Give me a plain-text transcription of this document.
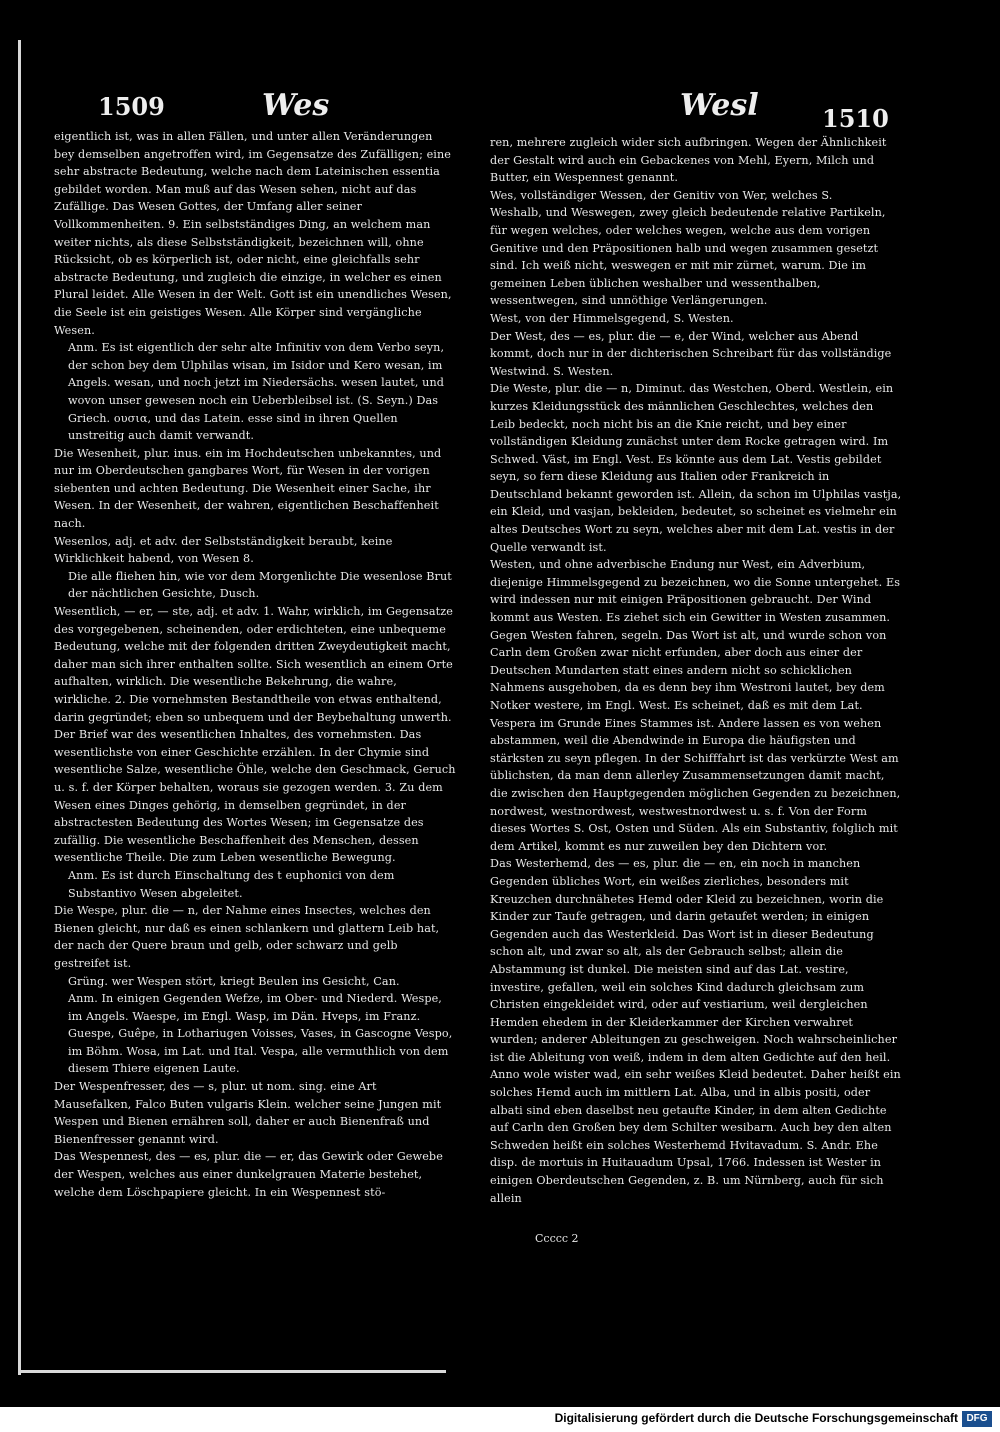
1509	Wes	Wesl	1510

eigentlich ist, was in allen Fällen, und unter allen Veränderungen bey demselben angetroffen wird, im Gegensatze des Zufälligen; eine sehr abstracte Bedeutung, welche nach dem Lateinischen essentia gebildet worden. Man muß auf das Wesen sehen, nicht auf das Zufällige. Das Wesen Gottes, der Umfang aller seiner Vollkommenheiten. 9. Ein selbstständiges Ding, an welchem man weiter nichts, als diese Selbstständigkeit, bezeichnen will, ohne Rücksicht, ob es körperlich ist, oder nicht, eine gleichfalls sehr abstracte Bedeutung, und zugleich die einzige, in welcher es einen Plural leidet. Alle Wesen in der Welt. Gott ist ein unendliches Wesen, die Seele ist ein geistiges Wesen. Alle Körper sind vergängliche Wesen.

Anm. Es ist eigentlich der sehr alte Infinitiv von dem Verbo seyn, der schon bey dem Ulphilas wisan, im Isidor und Kero wesan, im Angels. wesan, und noch jetzt im Niedersächs. wesen lautet, und wovon unser gewesen noch ein Ueberbleibsel ist. (S. Seyn.) Das Griech. ουσια, und das Latein. esse sind in ihren Quellen unstreitig auch damit verwandt.

Die Wesenheit, plur. inus. ein im Hochdeutschen unbekanntes, und nur im Oberdeutschen gangbares Wort, für Wesen in der vorigen siebenten und achten Bedeutung. Die Wesenheit einer Sache, ihr Wesen. In der Wesenheit, der wahren, eigentlichen Beschaffenheit nach.

Wesenlos, adj. et adv. der Selbstständigkeit beraubt, keine Wirklichkeit habend, von Wesen 8.

Die alle fliehen hin, wie vor dem Morgenlichte Die wesenlose Brut der nächtlichen Gesichte, Dusch.

Wesentlich, — er, — ste, adj. et adv. 1. Wahr, wirklich, im Gegensatze des vorgegebenen, scheinenden, oder erdichteten, eine unbequeme Bedeutung, welche mit der folgenden dritten Zweydeutigkeit macht, daher man sich ihrer enthalten sollte. Sich wesentlich an einem Orte aufhalten, wirklich. Die wesentliche Bekehrung, die wahre, wirkliche. 2. Die vornehmsten Bestandtheile von etwas enthaltend, darin gegründet; eben so unbequem und der Beybehaltung unwerth. Der Brief war des wesentlichen Inhaltes, des vornehmsten. Das wesentlichste von einer Geschichte erzählen. In der Chymie sind wesentliche Salze, wesentliche Öhle, welche den Geschmack, Geruch u. s. f. der Körper behalten, woraus sie gezogen werden. 3. Zu dem Wesen eines Dinges gehörig, in demselben gegründet, in der abstractesten Bedeutung des Wortes Wesen; im Gegensatze des zufällig. Die wesentliche Beschaffenheit des Menschen, dessen wesentliche Theile. Die zum Leben wesentliche Bewegung.

Anm. Es ist durch Einschaltung des t euphonici von dem Substantivo Wesen abgeleitet.

Die Wespe, plur. die — n, der Nahme eines Insectes, welches den Bienen gleicht, nur daß es einen schlankern und glattern Leib hat, der nach der Quere braun und gelb, oder schwarz und gelb gestreifet ist.

Grüng. wer Wespen stört, kriegt Beulen ins Gesicht, Can.

Anm. In einigen Gegenden Wefze, im Ober- und Niederd. Wespe, im Angels. Waespe, im Engl. Wasp, im Dän. Hveps, im Franz. Guespe, Guêpe, in Lothariugen Voisses, Vases, in Gascogne Vespo, im Böhm. Wosa, im Lat. und Ital. Vespa, alle vermuthlich von dem diesem Thiere eigenen Laute.

Der Wespenfresser, des — s, plur. ut nom. sing. eine Art Mausefalken, Falco Buten vulgaris Klein. welcher seine Jungen mit Wespen und Bienen ernähren soll, daher er auch Bienenfraß und Bienenfresser genannt wird.

Das Wespennest, des — es, plur. die — er, das Gewirk oder Gewebe der Wespen, welches aus einer dunkelgrauen Materie bestehet, welche dem Löschpapiere gleicht. In ein Wespennest stö-

ren, mehrere zugleich wider sich aufbringen. Wegen der Ähnlichkeit der Gestalt wird auch ein Gebackenes von Mehl, Eyern, Milch und Butter, ein Wespennest genannt.

Wes, vollständiger Wessen, der Genitiv von Wer, welches S.

Weshalb, und Weswegen, zwey gleich bedeutende relative Partikeln, für wegen welches, oder welches wegen, welche aus dem vorigen Genitive und den Präpositionen halb und wegen zusammen gesetzt sind. Ich weiß nicht, weswegen er mit mir zürnet, warum. Die im gemeinen Leben üblichen weshalber und wessenthalben, wessentwegen, sind unnöthige Verlängerungen.

West, von der Himmelsgegend, S. Westen.

Der West, des — es, plur. die — e, der Wind, welcher aus Abend kommt, doch nur in der dichterischen Schreibart für das vollständige Westwind. S. Westen.

Die Weste, plur. die — n, Diminut. das Westchen, Oberd. Westlein, ein kurzes Kleidungsstück des männlichen Geschlechtes, welches den Leib bedeckt, noch nicht bis an die Knie reicht, und bey einer vollständigen Kleidung zunächst unter dem Rocke getragen wird. Im Schwed. Väst, im Engl. Vest. Es könnte aus dem Lat. Vestis gebildet seyn, so fern diese Kleidung aus Italien oder Frankreich in Deutschland bekannt geworden ist. Allein, da schon im Ulphilas vastja, ein Kleid, und vasjan, bekleiden, bedeutet, so scheinet es vielmehr ein altes Deutsches Wort zu seyn, welches aber mit dem Lat. vestis in der Quelle verwandt ist.

Westen, und ohne adverbische Endung nur West, ein Adverbium, diejenige Himmelsgegend zu bezeichnen, wo die Sonne untergehet. Es wird indessen nur mit einigen Präpositionen gebraucht. Der Wind kommt aus Westen. Es ziehet sich ein Gewitter in Westen zusammen. Gegen Westen fahren, segeln. Das Wort ist alt, und wurde schon von Carln dem Großen zwar nicht erfunden, aber doch aus einer der Deutschen Mundarten statt eines andern nicht so schicklichen Nahmens ausgehoben, da es denn bey ihm Westroni lautet, bey dem Notker westere, im Engl. West. Es scheinet, daß es mit dem Lat. Vespera im Grunde Eines Stammes ist. Andere lassen es von wehen abstammen, weil die Abendwinde in Europa die häufigsten und stärksten zu seyn pflegen. In der Schifffahrt ist das verkürzte West am üblichsten, da man denn allerley Zusammensetzungen damit macht, die zwischen den Hauptgegenden möglichen Gegenden zu bezeichnen, nordwest, westnordwest, westwestnordwest u. s. f. Von der Form dieses Wortes S. Ost, Osten und Süden. Als ein Substantiv, folglich mit dem Artikel, kommt es nur zuweilen bey den Dichtern vor.

Das Westerhemd, des — es, plur. die — en, ein noch in manchen Gegenden übliches Wort, ein weißes zierliches, besonders mit Kreuzchen durchnähetes Hemd oder Kleid zu bezeichnen, worin die Kinder zur Taufe getragen, und darin getaufet werden; in einigen Gegenden auch das Westerkleid. Das Wort ist in dieser Bedeutung schon alt, und zwar so alt, als der Gebrauch selbst; allein die Abstammung ist dunkel. Die meisten sind auf das Lat. vestire, investire, gefallen, weil ein solches Kind dadurch gleichsam zum Christen eingekleidet wird, oder auf vestiarium, weil dergleichen Hemden ehedem in der Kleiderkammer der Kirchen verwahret wurden; anderer Ableitungen zu geschweigen. Noch wahrscheinlicher ist die Ableitung von weiß, indem in dem alten Gedichte auf den heil. Anno wole wister wad, ein sehr weißes Kleid bedeutet. Daher heißt ein solches Hemd auch im mittlern Lat. Alba, und in albis positi, oder albati sind eben daselbst neu getaufte Kinder, in dem alten Gedichte auf Carln den Großen bey dem Schilter wesibarn. Auch bey den alten Schweden heißt ein solches Westerhemd Hvitavadum. S. Andr. Ehe disp. de mortuis in Huitauadum Upsal, 1766. Indessen ist Wester in einigen Oberdeutschen Gegenden, z. B. um Nürnberg, auch für sich allein

Ccccc 2
Digitalisierung gefördert durch die Deutsche Forschungsgemeinschaft DFG
